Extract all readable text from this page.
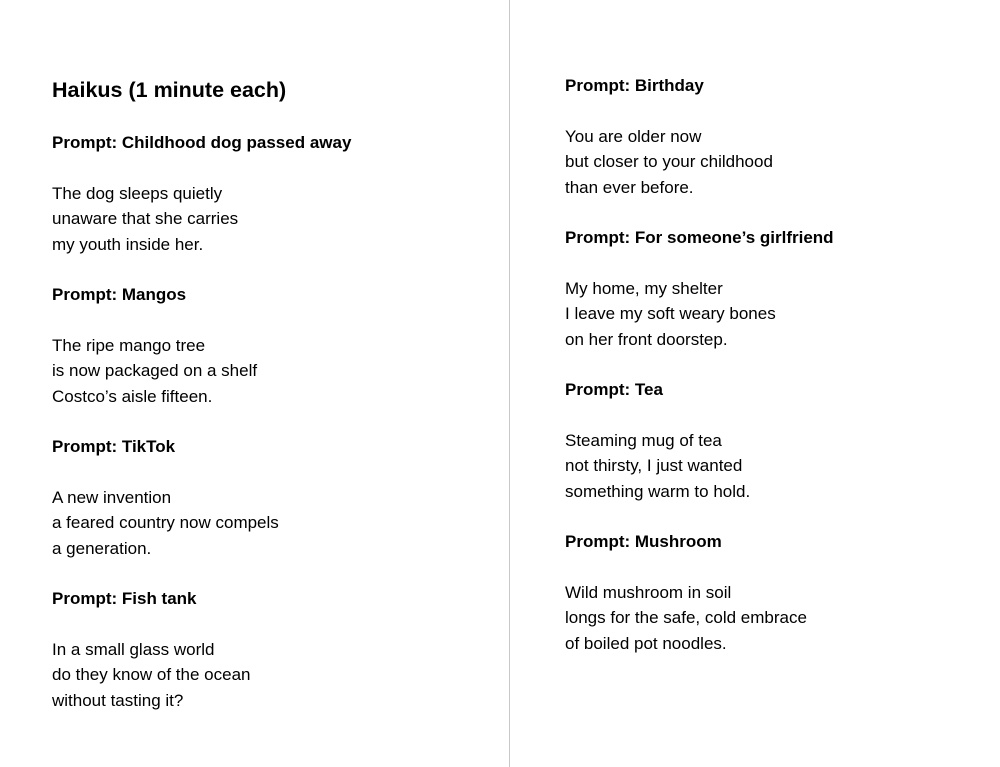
Haikus (1 minute each)
Prompt: Childhood dog passed away
The dog sleeps quietly
unaware that she carries
my youth inside her.
Prompt: Mangos
The ripe mango tree
is now packaged on a shelf
Costco’s aisle fifteen.
Prompt: TikTok
A new invention
a feared country now compels
a generation.
Prompt: Fish tank
In a small glass world
do they know of the ocean
without tasting it?
Prompt: Birthday
You are older now
but closer to your childhood
than ever before.
Prompt: For someone’s girlfriend
My home, my shelter
I leave my soft weary bones
on her front doorstep.
Prompt: Tea
Steaming mug of tea
not thirsty, I just wanted
something warm to hold.
Prompt: Mushroom
Wild mushroom in soil
longs for the safe, cold embrace
of boiled pot noodles.
